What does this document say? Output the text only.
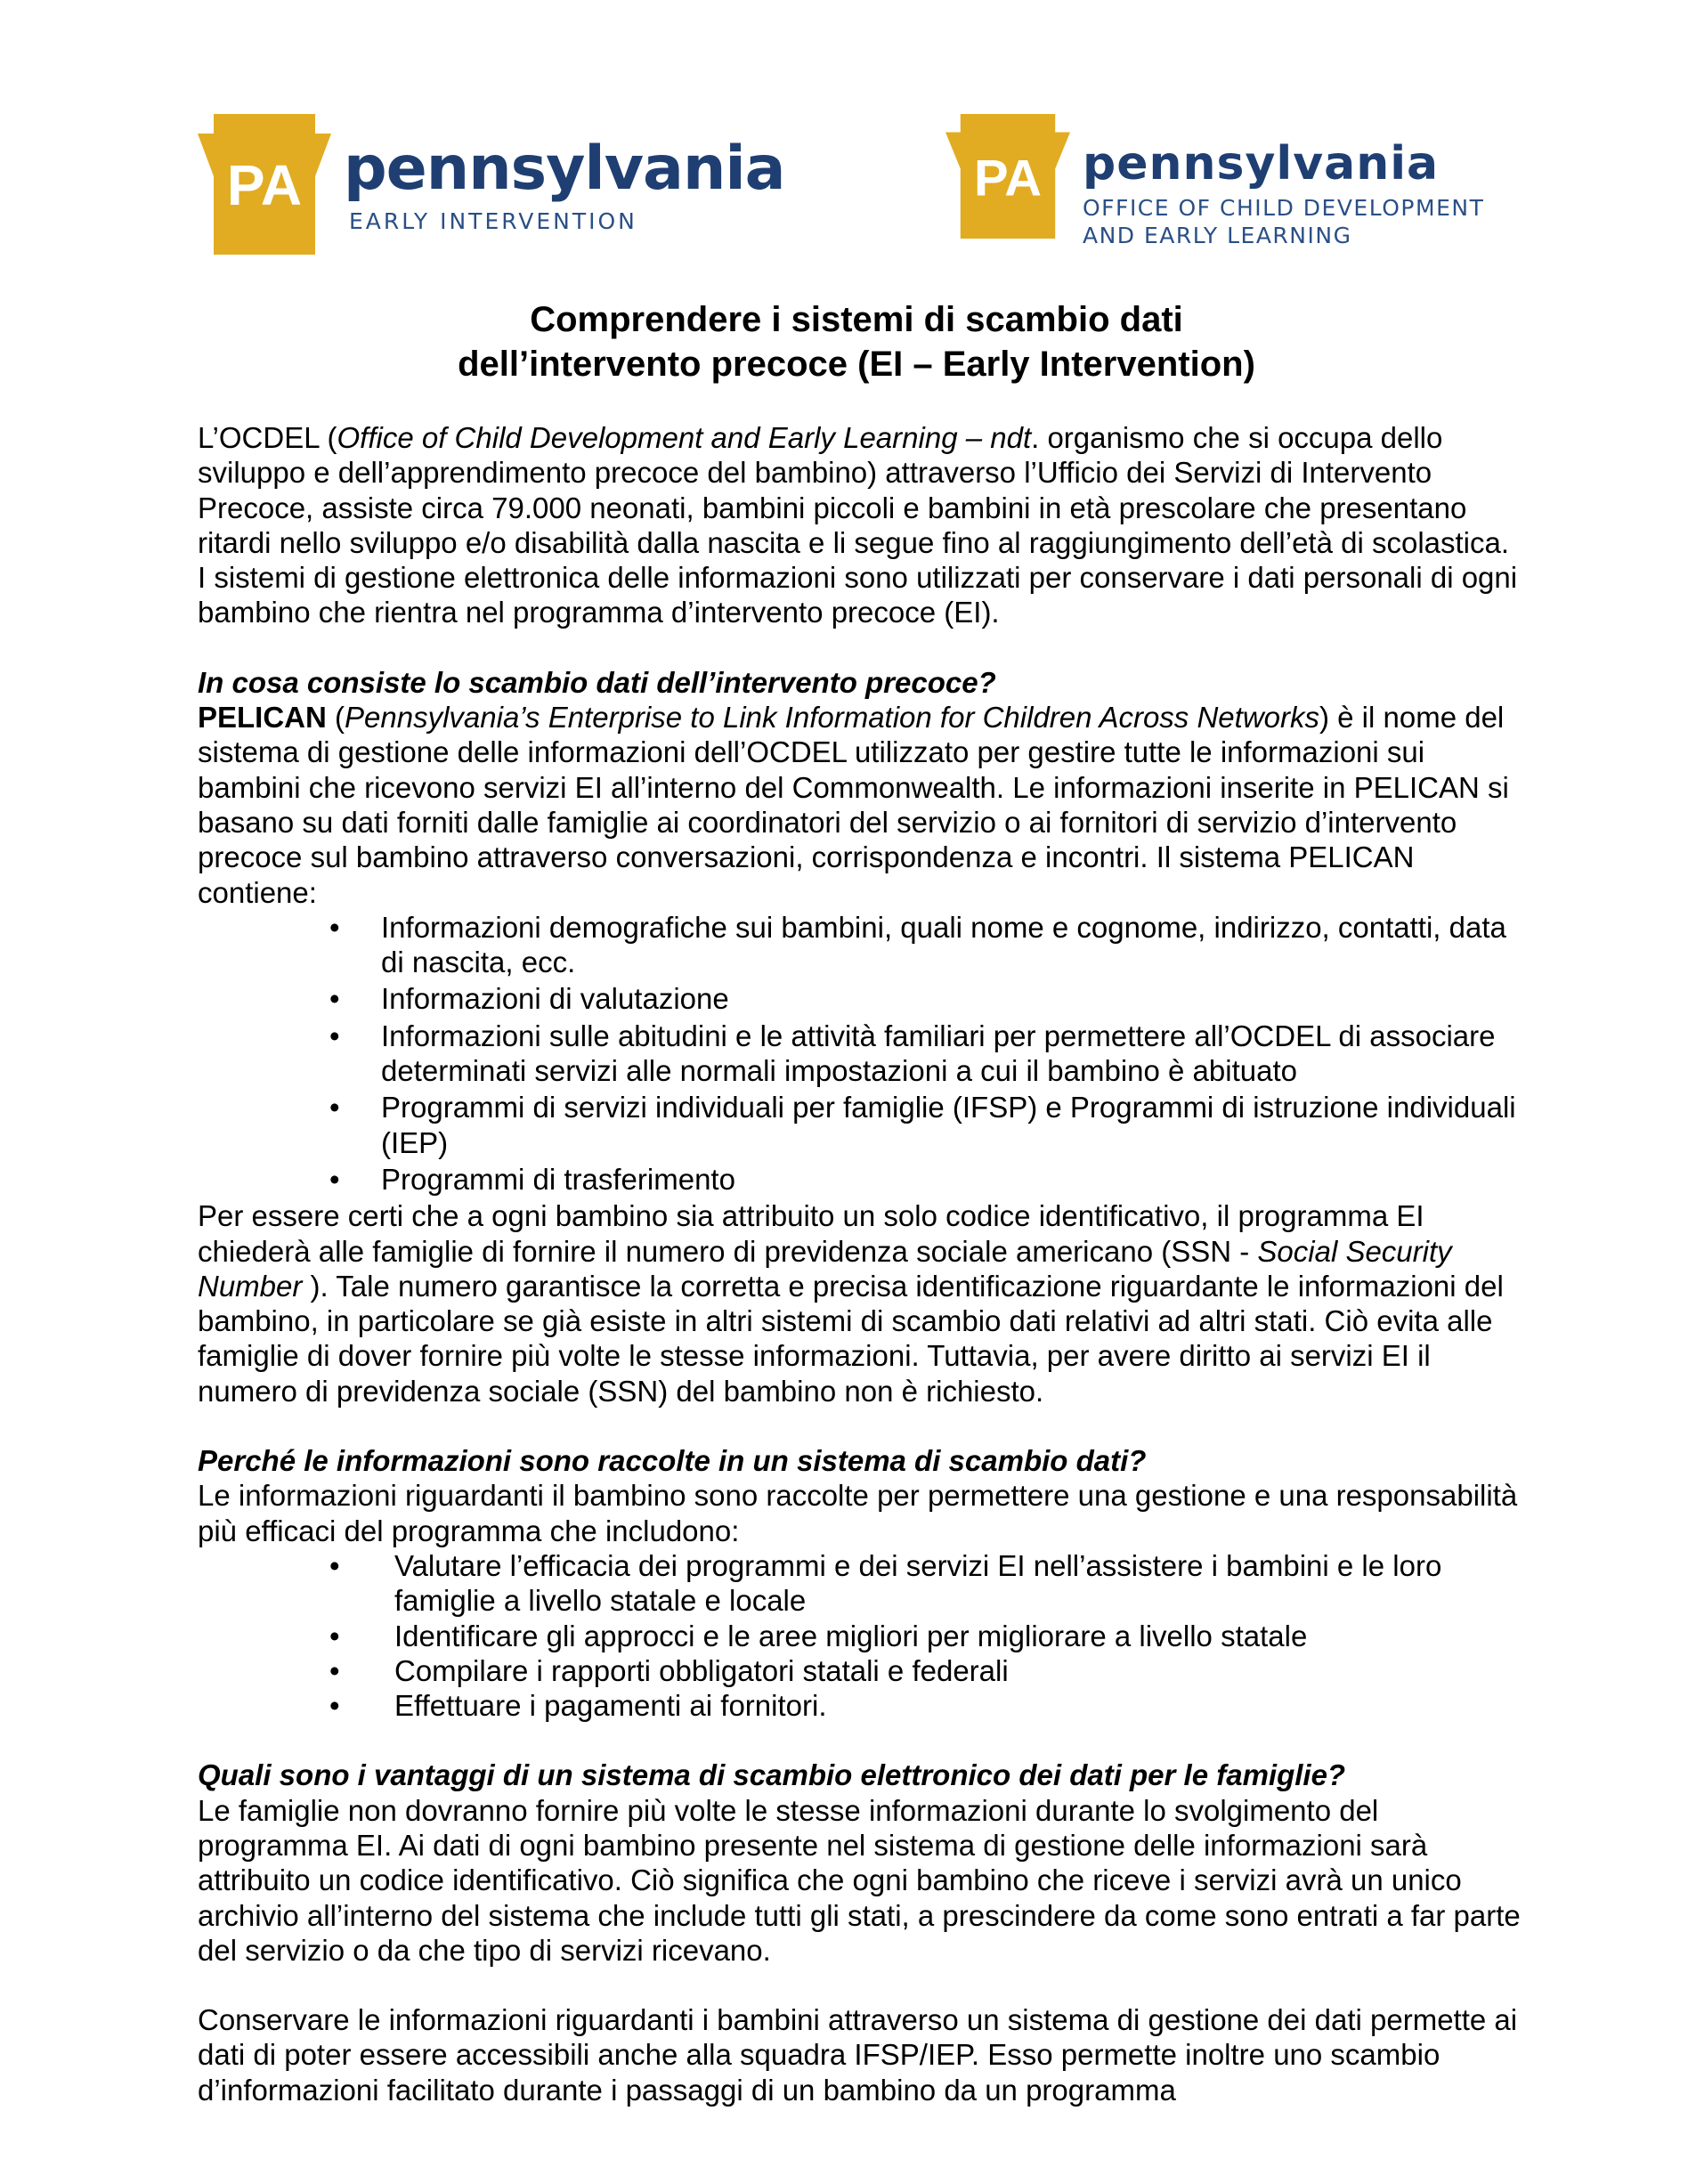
PA pennsylvania
EARLY INTERVENTION
PA pennsylvania
OFFICE OF CHILD DEVELOPMENT
AND EARLY LEARNING
Comprendere i sistemi di scambio dati
dell’intervento precoce (EI – Early Intervention)

L’OCDEL (Office of Child Development and Early Learning – ndt. organismo che si occupa dello sviluppo e dell’apprendimento precoce del bambino) attraverso l’Ufficio dei Servizi di Intervento Precoce, assiste circa 79.000 neonati, bambini piccoli e bambini in età prescolare che presentano ritardi nello sviluppo e/o disabilità dalla nascita e li segue fino al raggiungimento dell’età di scolastica. I sistemi di gestione elettronica delle informazioni sono utilizzati per conservare i dati personali di ogni bambino che rientra nel programma d’intervento precoce (EI).

In cosa consiste lo scambio dati dell’intervento precoce?

PELICAN (Pennsylvania’s Enterprise to Link Information for Children Across Networks) è il nome del sistema di gestione delle informazioni dell’OCDEL utilizzato per gestire tutte le informazioni sui bambini che ricevono servizi EI all’interno del Commonwealth. Le informazioni inserite in PELICAN si basano su dati forniti dalle famiglie ai coordinatori del servizio o ai fornitori di servizio d’intervento precoce sul bambino attraverso conversazioni, corrispondenza e incontri. Il sistema PELICAN contiene:

• Informazioni demografiche sui bambini, quali nome e cognome, indirizzo, contatti, data di nascita, ecc.
• Informazioni di valutazione
• Informazioni sulle abitudini e le attività familiari per permettere all’OCDEL di associare determinati servizi alle normali impostazioni a cui il bambino è abituato
• Programmi di servizi individuali per famiglie (IFSP) e Programmi di istruzione individuali (IEP)
• Programmi di trasferimento

Per essere certi che a ogni bambino sia attribuito un solo codice identificativo, il programma EI chiederà alle famiglie di fornire il numero di previdenza sociale americano (SSN - Social Security Number ). Tale numero garantisce la corretta e precisa identificazione riguardante le informazioni del bambino, in particolare se già esiste in altri sistemi di scambio dati relativi ad altri stati. Ciò evita alle famiglie di dover fornire più volte le stesse informazioni. Tuttavia, per avere diritto ai servizi EI il numero di previdenza sociale (SSN) del bambino non è richiesto.

Perché le informazioni sono raccolte in un sistema di scambio dati?

Le informazioni riguardanti il bambino sono raccolte per permettere una gestione e una responsabilità più efficaci del programma che includono:

• Valutare l’efficacia dei programmi e dei servizi EI nell’assistere i bambini e le loro famiglie a livello statale e locale
• Identificare gli approcci e le aree migliori per migliorare a livello statale
• Compilare i rapporti obbligatori statali e federali
• Effettuare i pagamenti ai fornitori.

Quali sono i vantaggi di un sistema di scambio elettronico dei dati per le famiglie?

Le famiglie non dovranno fornire più volte le stesse informazioni durante lo svolgimento del programma EI. Ai dati di ogni bambino presente nel sistema di gestione delle informazioni sarà attribuito un codice identificativo. Ciò significa che ogni bambino che riceve i servizi avrà un unico archivio all’interno del sistema che include tutti gli stati, a prescindere da come sono entrati a far parte del servizio o da che tipo di servizi ricevano.

Conservare le informazioni riguardanti i bambini attraverso un sistema di gestione dei dati permette ai dati di poter essere accessibili anche alla squadra IFSP/IEP. Esso permette inoltre uno scambio d’informazioni facilitato durante i passaggi di un bambino da un programma
